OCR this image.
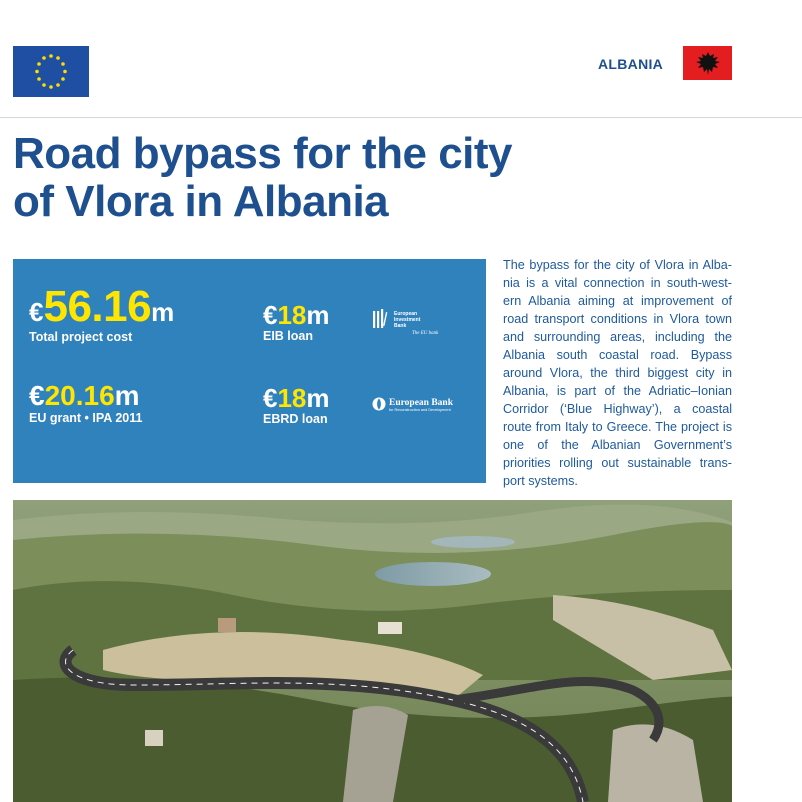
ALBANIA
Road bypass for the city
of Vlora in Albania
€56.16m
Total project cost
€18m
EIB loan
European
Investment
Bank
The EU bank
€20.16m
EU grant • IPA 2011
€18m
EBRD loan
European Bank
for Reconstruction and Development

The bypass for the city of Vlora in Alba-nia is a vital connection in south-west-ern Albania aiming at improvement of road transport conditions in Vlora town and surrounding areas, including the Albania south coastal road. Bypass around Vlora, the third biggest city in Albania, is part of the Adriatic–Ionian Corridor (‘Blue Highway’), a coastal route from Italy to Greece. The project is one of the Albanian Government’s priorities rolling out sustainable trans-port systems.
